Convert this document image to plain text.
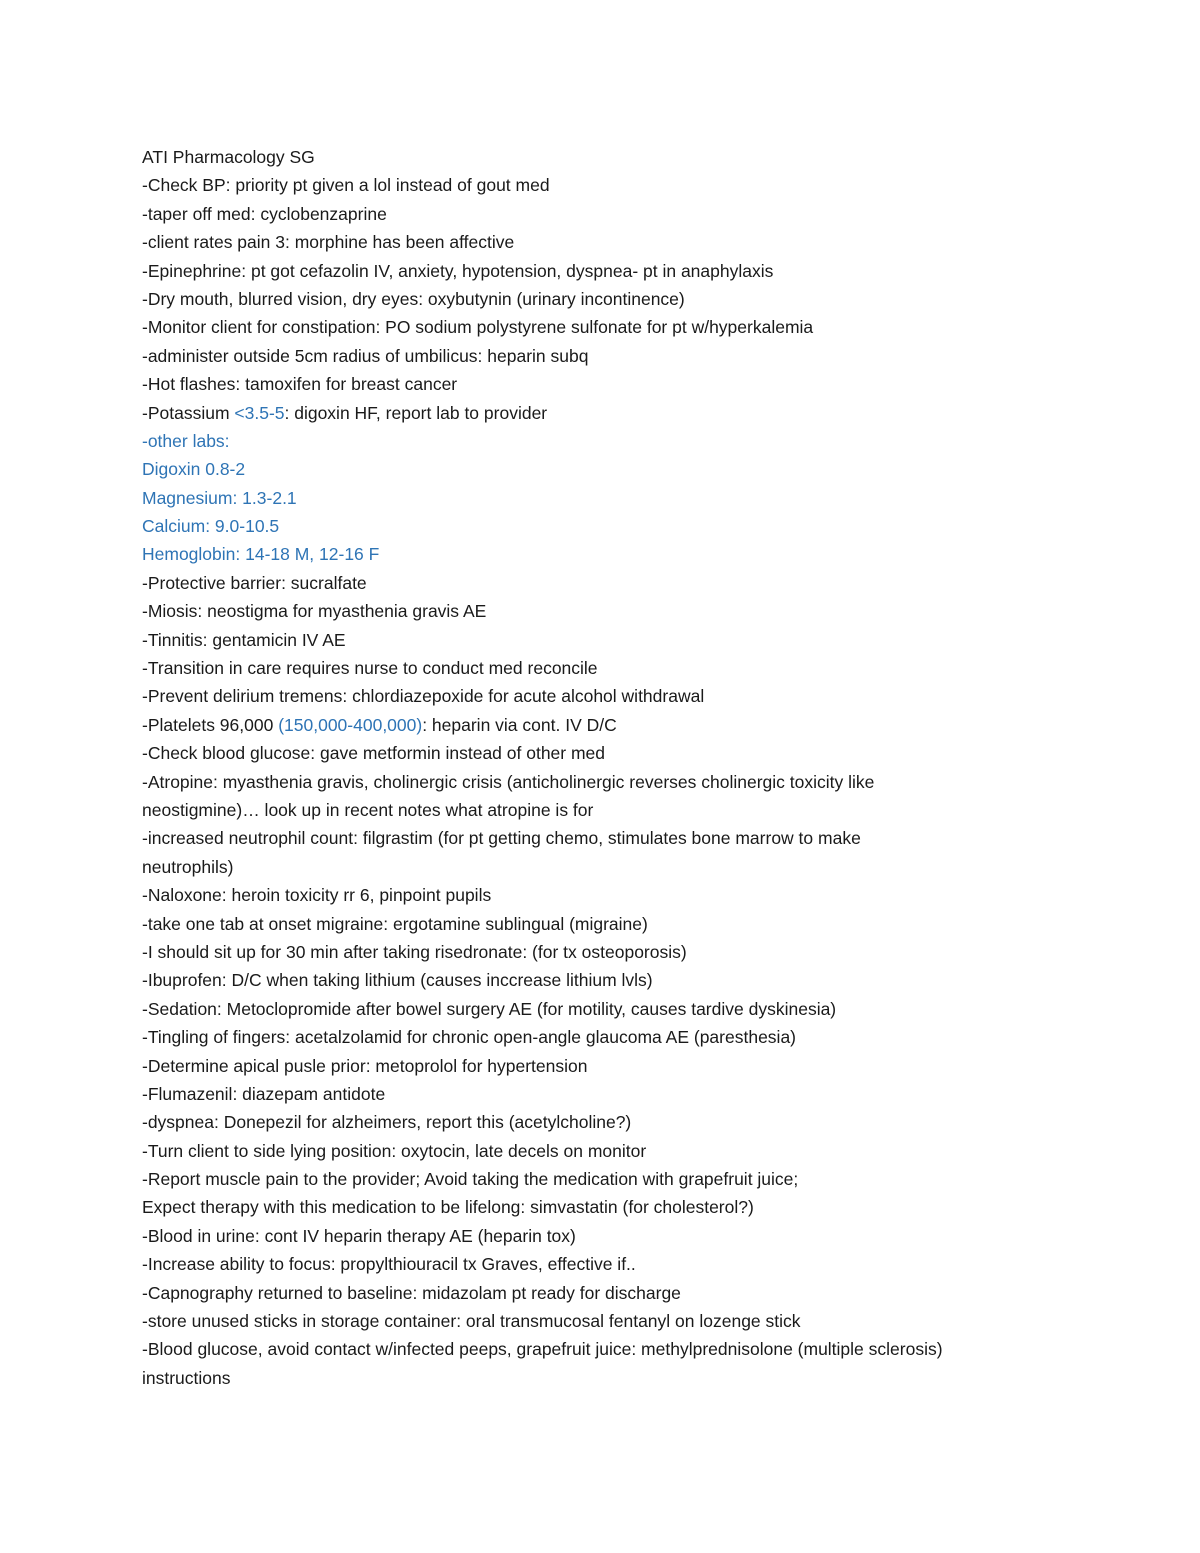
ATI Pharmacology SG

-Check BP: priority pt given a lol instead of gout med

-taper off med: cyclobenzaprine

-client rates pain 3: morphine has been affective

-Epinephrine: pt got cefazolin IV, anxiety, hypotension, dyspnea- pt in anaphylaxis

-Dry mouth, blurred vision, dry eyes: oxybutynin (urinary incontinence)

-Monitor client for constipation: PO sodium polystyrene sulfonate for pt w/hyperkalemia

-administer outside 5cm radius of umbilicus: heparin subq

-Hot flashes: tamoxifen for breast cancer

-Potassium <3.5-5: digoxin HF, report lab to provider

-other labs:

Digoxin 0.8-2

Magnesium: 1.3-2.1

Calcium: 9.0-10.5

Hemoglobin: 14-18 M, 12-16 F

-Protective barrier: sucralfate

-Miosis: neostigma for myasthenia gravis AE

-Tinnitis: gentamicin IV AE

-Transition in care requires nurse to conduct med reconcile

-Prevent delirium tremens: chlordiazepoxide for acute alcohol withdrawal

-Platelets 96,000 (150,000-400,000): heparin via cont. IV D/C

-Check blood glucose: gave metformin instead of other med

-Atropine: myasthenia gravis, cholinergic crisis (anticholinergic reverses cholinergic toxicity like

neostigmine)… look up in recent notes what atropine is for

-increased neutrophil count: filgrastim (for pt getting chemo, stimulates bone marrow to make

neutrophils)

-Naloxone: heroin toxicity rr 6, pinpoint pupils

-take one tab at onset migraine: ergotamine sublingual (migraine)

-I should sit up for 30 min after taking risedronate: (for tx osteoporosis)

-Ibuprofen: D/C when taking lithium (causes inccrease lithium lvls)

-Sedation: Metoclopromide after bowel surgery AE (for motility, causes tardive dyskinesia)

-Tingling of fingers: acetalzolamid for chronic open-angle glaucoma AE (paresthesia)

-Determine apical pusle prior: metoprolol for hypertension

-Flumazenil: diazepam antidote

-dyspnea: Donepezil for alzheimers, report this (acetylcholine?)

-Turn client to side lying position: oxytocin, late decels on monitor

-Report muscle pain to the provider; Avoid taking the medication with grapefruit juice;

Expect therapy with this medication to be lifelong: simvastatin (for cholesterol?)

-Blood in urine: cont IV heparin therapy AE (heparin tox)

-Increase ability to focus: propylthiouracil tx Graves, effective if..

-Capnography returned to baseline: midazolam pt ready for discharge

-store unused sticks in storage container: oral transmucosal fentanyl on lozenge stick

-Blood glucose, avoid contact w/infected peeps, grapefruit juice: methylprednisolone (multiple sclerosis)

instructions
